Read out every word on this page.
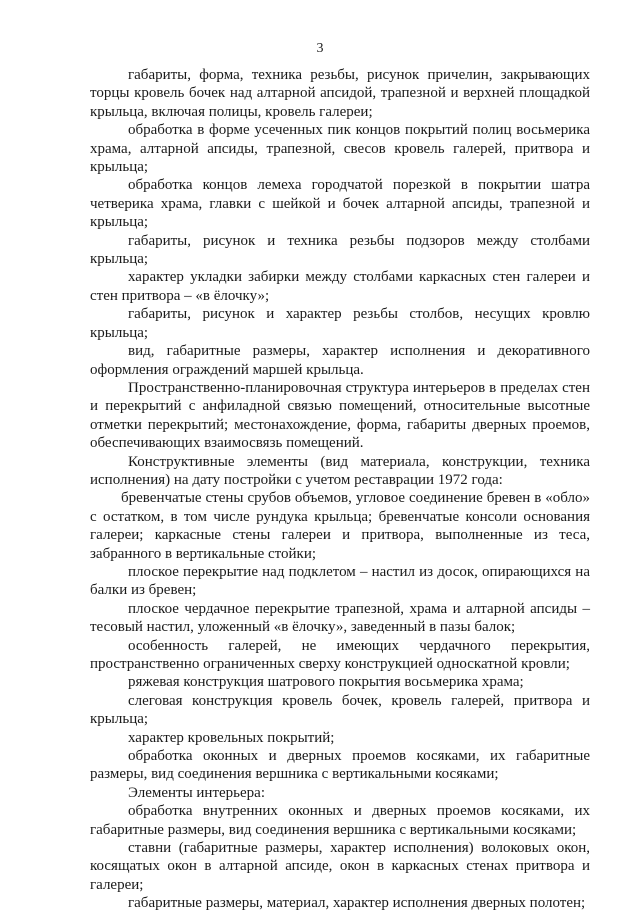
3

габариты, форма, техника резьбы, рисунок причелин, закрывающих торцы кровель бочек над алтарной апсидой, трапезной и верхней площадкой крыльца, включая полицы, кровель галереи;

обработка в форме усеченных пик концов покрытий полиц восьмерика храма, алтарной апсиды, трапезной, свесов кровель галерей, притвора и крыльца;

обработка концов лемеха городчатой порезкой в покрытии шатра четверика храма, главки с шейкой и бочек алтарной апсиды, трапезной и крыльца;

габариты, рисунок и техника резьбы подзоров между столбами крыльца;

характер укладки забирки между столбами каркасных стен галереи и стен притвора – «в ёлочку»;

габариты, рисунок и характер резьбы столбов, несущих кровлю крыльца;

вид, габаритные размеры, характер исполнения и декоративного оформления ограждений маршей крыльца.

Пространственно-планировочная структура интерьеров в пределах стен и перекрытий с анфиладной связью помещений, относительные высотные отметки перекрытий; местонахождение, форма, габариты дверных проемов, обеспечивающих взаимосвязь помещений.

Конструктивные элементы (вид материала, конструкции, техника исполнения) на дату постройки с учетом реставрации 1972 года:

бревенчатые стены срубов объемов, угловое соединение бревен в «обло» с остатком, в том числе рундука крыльца; бревенчатые консоли основания галереи; каркасные стены галереи и притвора, выполненные из теса, забранного в вертикальные стойки;

плоское перекрытие над подклетом – настил из досок, опирающихся на балки из бревен;

плоское чердачное перекрытие трапезной, храма и алтарной апсиды – тесовый настил, уложенный «в ёлочку», заведенный в пазы балок;

особенность галерей, не имеющих чердачного перекрытия, пространственно ограниченных сверху конструкцией односкатной кровли;

ряжевая конструкция шатрового покрытия восьмерика храма;

слеговая конструкция кровель бочек, кровель галерей, притвора и крыльца;

характер кровельных покрытий;

обработка оконных и дверных проемов косяками, их габаритные размеры, вид соединения вершника с вертикальными косяками;

Элементы интерьера:

обработка внутренних оконных и дверных проемов косяками, их габаритные размеры, вид соединения вершника с вертикальными косяками;

ставни (габаритные размеры, характер исполнения) волоковых окон, косящатых окон в алтарной апсиде, окон в каркасных стенах притвора и галереи;

габаритные размеры, материал, характер исполнения дверных полотен;
